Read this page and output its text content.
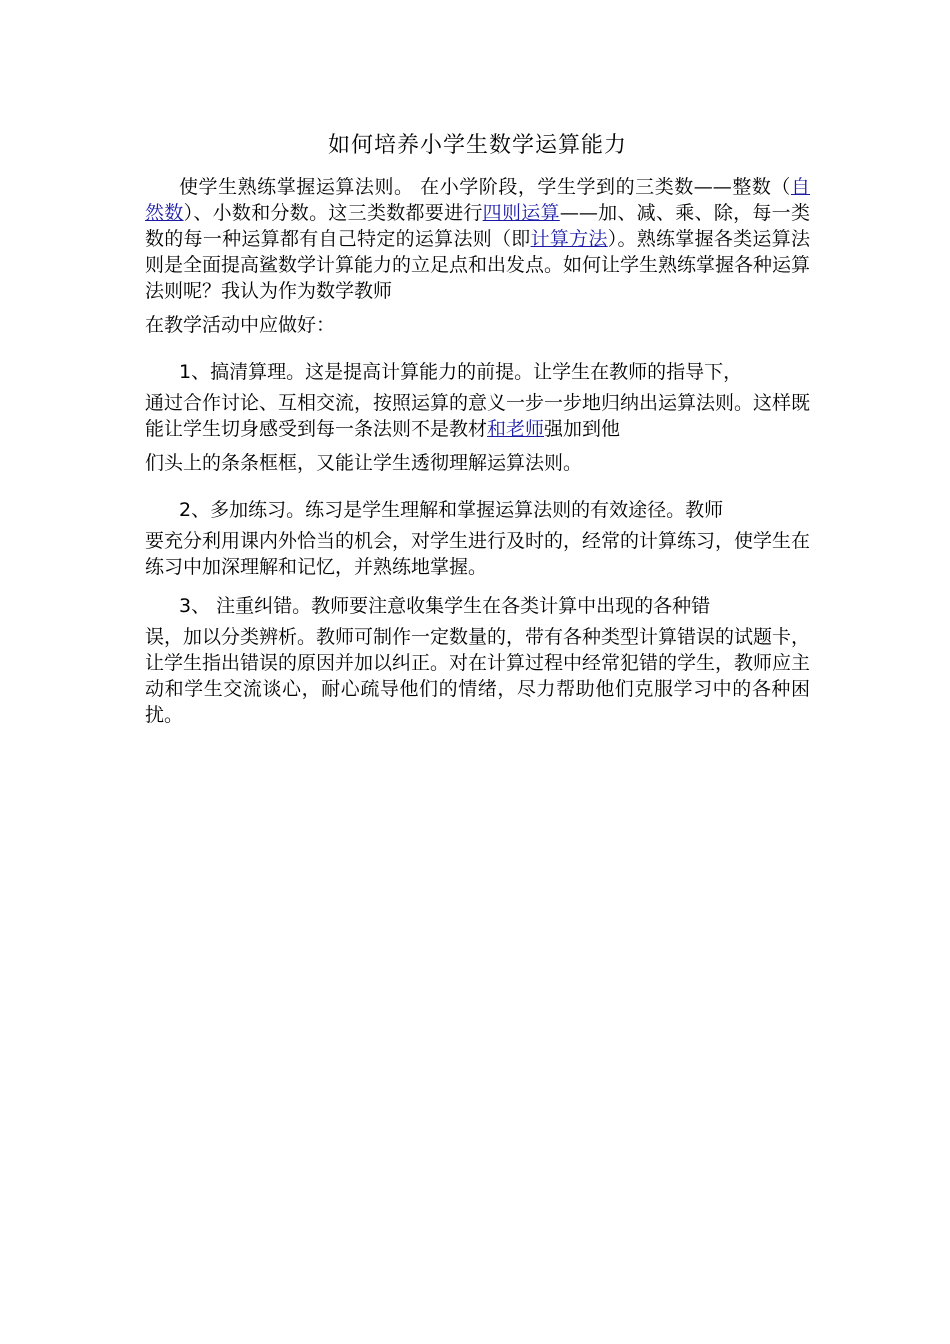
如何培养小学生数学运算能力

使学生熟练掌握运算法则。 在小学阶段，学生学到的三类数——整数（自然数）、小数和分数。这三类数都要进行四则运算——加、减、乘、除，每一类数的每一种运算都有自己特定的运算法则（即计算方法）。熟练掌握各类运算法则是全面提高鲨数学计算能力的立足点和出发点。如何让学生熟练掌握各种运算法则呢？我认为作为数学教师

在教学活动中应做好：

1、搞清算理。这是提高计算能力的前提。让学生在教师的指导下，

通过合作讨论、互相交流，按照运算的意义一步一步地归纳出运算法则。这样既能让学生切身感受到每一条法则不是教材和老师强加到他

们头上的条条框框，又能让学生透彻理解运算法则。

2、多加练习。练习是学生理解和掌握运算法则的有效途径。教师

要充分利用课内外恰当的机会，对学生进行及时的，经常的计算练习，使学生在练习中加深理解和记忆，并熟练地掌握。

3、 注重纠错。教师要注意收集学生在各类计算中出现的各种错

误，加以分类辨析。教师可制作一定数量的，带有各种类型计算错误的试题卡，让学生指出错误的原因并加以纠正。对在计算过程中经常犯错的学生，教师应主动和学生交流谈心，耐心疏导他们的情绪，尽力帮助他们克服学习中的各种困扰。
